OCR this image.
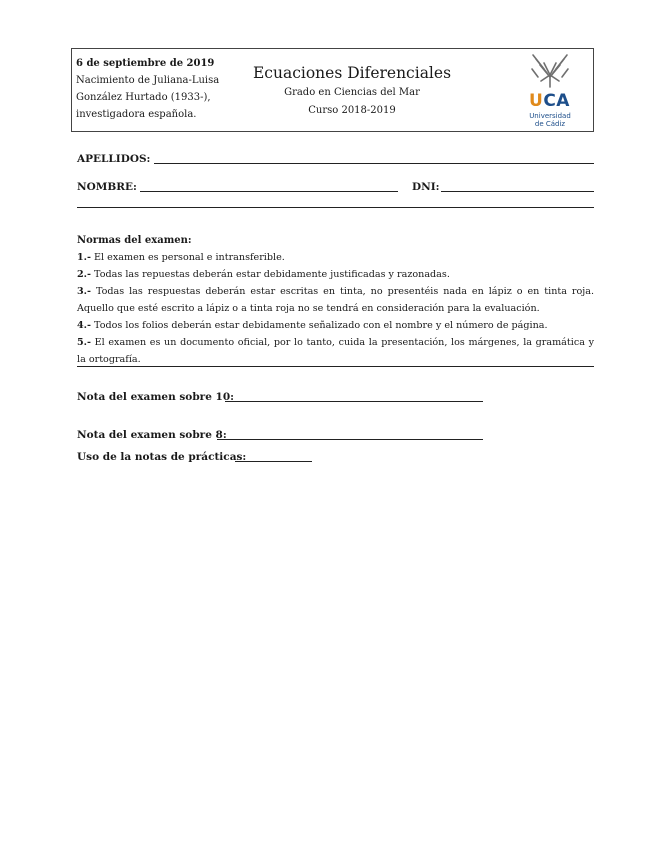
6 de septiembre de 2019
Nacimiento de Juliana-Luisa
González Hurtado (1933-),
investigadora española.
Ecuaciones Diferenciales
Grado en Ciencias del Mar
Curso 2018-2019	UCA
Universidad
de Cádiz
APELLIDOS:
NOMBRE:	DNI:
Normas del examen:

1.- El examen es personal e intransferible.

2.- Todas las repuestas deberán estar debidamente justificadas y razonadas.

3.- Todas las respuestas deberán estar escritas en tinta, no presentéis nada en lápiz o en tinta roja. Aquello que esté escrito a lápiz o a tinta roja no se tendrá en consideración para la evaluación.

4.- Todos los folios deberán estar debidamente señalizado con el nombre y el número de página.

5.- El examen es un documento oficial, por lo tanto, cuida la presentación, los márgenes, la gramática y la ortografía.

Nota del examen sobre 10:
Nota del examen sobre 8:
Uso de la notas de prácticas:
